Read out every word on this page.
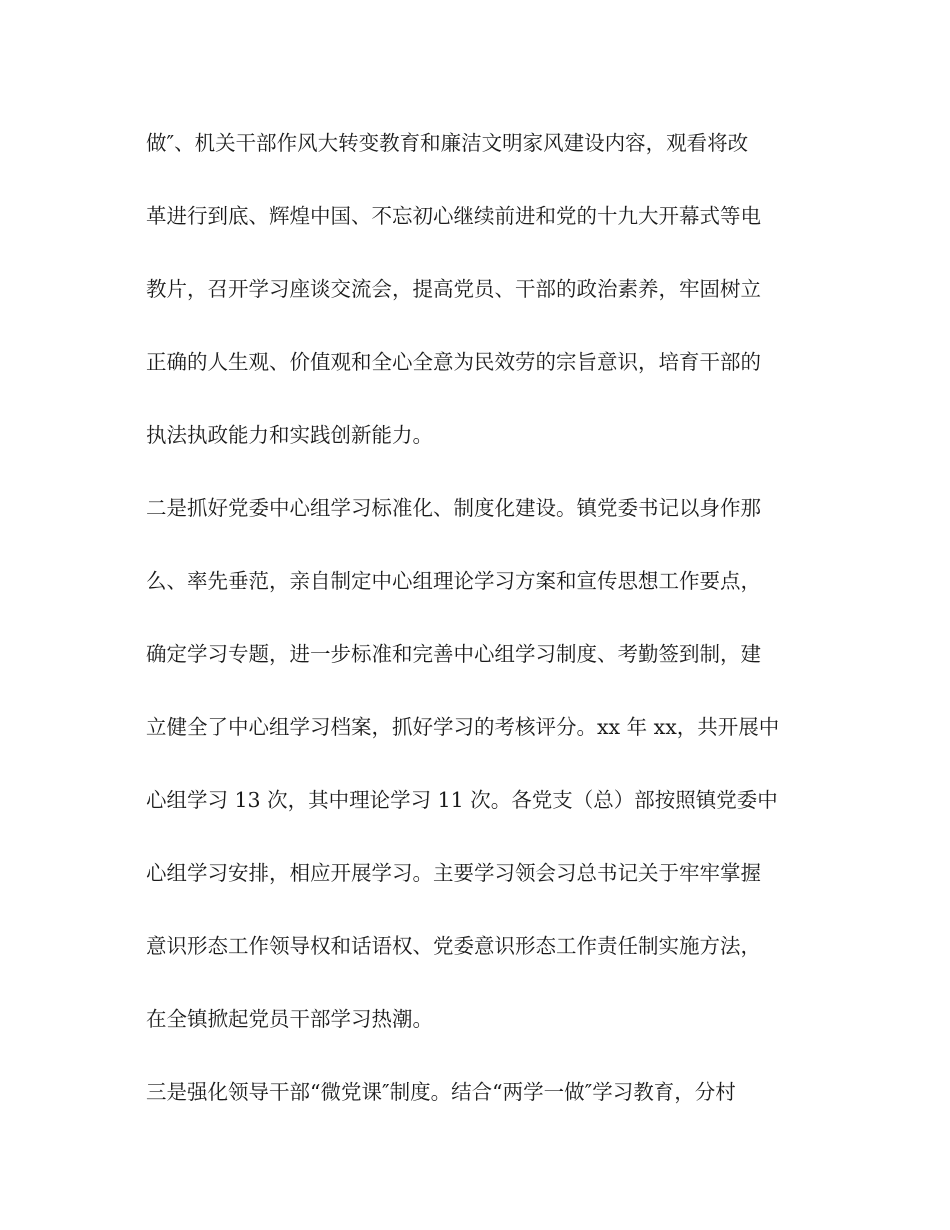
做″、机关干部作风大转变教育和廉洁文明家风建设内容，观看将改
革进行到底、辉煌中国、不忘初心继续前进和党的十九大开幕式等电
教片，召开学习座谈交流会，提高党员、干部的政治素养，牢固树立
正确的人生观、价值观和全心全意为民效劳的宗旨意识，培育干部的
执法执政能力和实践创新能力。
二是抓好党委中心组学习标准化、制度化建设。镇党委书记以身作那
么、率先垂范，亲自制定中心组理论学习方案和宣传思想工作要点，
确定学习专题，进一步标准和完善中心组学习制度、考勤签到制，建
立健全了中心组学习档案，抓好学习的考核评分。xx 年 xx，共开展中
心组学习 13 次，其中理论学习 11 次。各党支（总）部按照镇党委中
心组学习安排，相应开展学习。主要学习领会习总书记关于牢牢掌握
意识形态工作领导权和话语权、党委意识形态工作责任制实施方法，
在全镇掀起党员干部学习热潮。
三是强化领导干部“微党课″制度。结合“两学一做″学习教育，分村
